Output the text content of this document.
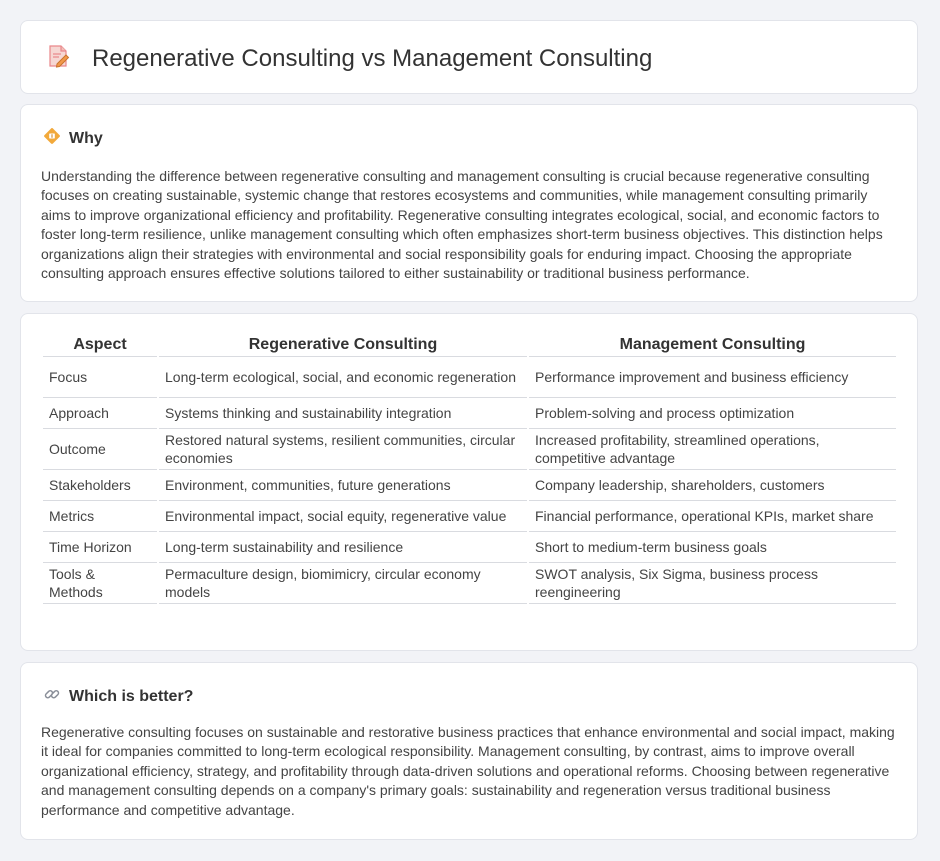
Regenerative Consulting vs Management Consulting
Why

Understanding the difference between regenerative consulting and management consulting is crucial because regenerative consulting focuses on creating sustainable, systemic change that restores ecosystems and communities, while management consulting primarily aims to improve organizational efficiency and profitability. Regenerative consulting integrates ecological, social, and economic factors to foster long-term resilience, unlike management consulting which often emphasizes short-term business objectives. This distinction helps organizations align their strategies with environmental and social responsibility goals for enduring impact. Choosing the appropriate consulting approach ensures effective solutions tailored to either sustainability or traditional business performance.

Aspect	Regenerative Consulting	Management Consulting
Focus	Long-term ecological, social, and economic regeneration	Performance improvement and business efficiency
Approach	Systems thinking and sustainability integration	Problem-solving and process optimization
Outcome	Restored natural systems, resilient communities, circular economies	Increased profitability, streamlined operations, competitive advantage
Stakeholders	Environment, communities, future generations	Company leadership, shareholders, customers
Metrics	Environmental impact, social equity, regenerative value	Financial performance, operational KPIs, market share
Time Horizon	Long-term sustainability and resilience	Short to medium-term business goals
Tools & Methods	Permaculture design, biomimicry, circular economy models	SWOT analysis, Six Sigma, business process reengineering
Which is better?

Regenerative consulting focuses on sustainable and restorative business practices that enhance environmental and social impact, making it ideal for companies committed to long-term ecological responsibility. Management consulting, by contrast, aims to improve overall organizational efficiency, strategy, and profitability through data-driven solutions and operational reforms. Choosing between regenerative and management consulting depends on a company's primary goals: sustainability and regeneration versus traditional business performance and competitive advantage.
